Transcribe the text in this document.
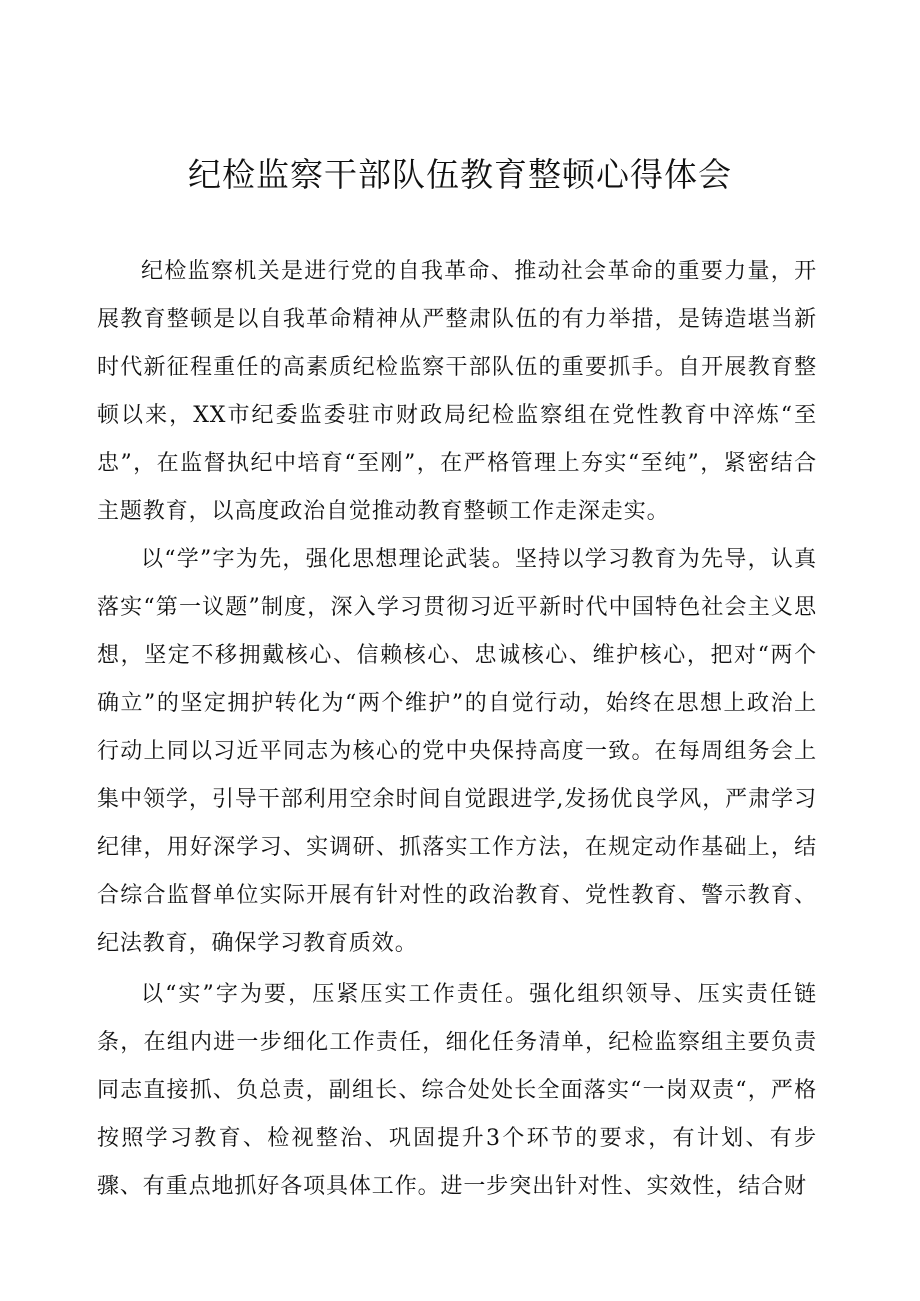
纪检监察干部队伍教育整顿心得体会

纪检监察机关是进行党的自我革命、推动社会革命的重要力量，开展教育整顿是以自我革命精神从严整肃队伍的有力举措，是铸造堪当新时代新征程重任的高素质纪检监察干部队伍的重要抓手。自开展教育整顿以来，XX市纪委监委驻市财政局纪检监察组在党性教育中淬炼“至忠”，在监督执纪中培育“至刚”，在严格管理上夯实“至纯”，紧密结合主题教育，以高度政治自觉推动教育整顿工作走深走实。

以“学”字为先，强化思想理论武装。坚持以学习教育为先导，认真落实“第一议题”制度，深入学习贯彻习近平新时代中国特色社会主义思想，坚定不移拥戴核心、信赖核心、忠诚核心、维护核心，把对“两个确立”的坚定拥护转化为“两个维护”的自觉行动，始终在思想上政治上行动上同以习近平同志为核心的党中央保持高度一致。在每周组务会上集中领学，引导干部利用空余时间自觉跟进学,发扬优良学风，严肃学习纪律，用好深学习、实调研、抓落实工作方法，在规定动作基础上，结合综合监督单位实际开展有针对性的政治教育、党性教育、警示教育、纪法教育，确保学习教育质效。

以“实”字为要，压紧压实工作责任。强化组织领导、压实责任链条，在组内进一步细化工作责任，细化任务清单，纪检监察组主要负责同志直接抓、负总责，副组长、综合处处长全面落实“一岗双责“，严格按照学习教育、检视整治、巩固提升3个环节的要求，有计划、有步骤、有重点地抓好各项具体工作。进一步突出针对性、实效性，结合财
